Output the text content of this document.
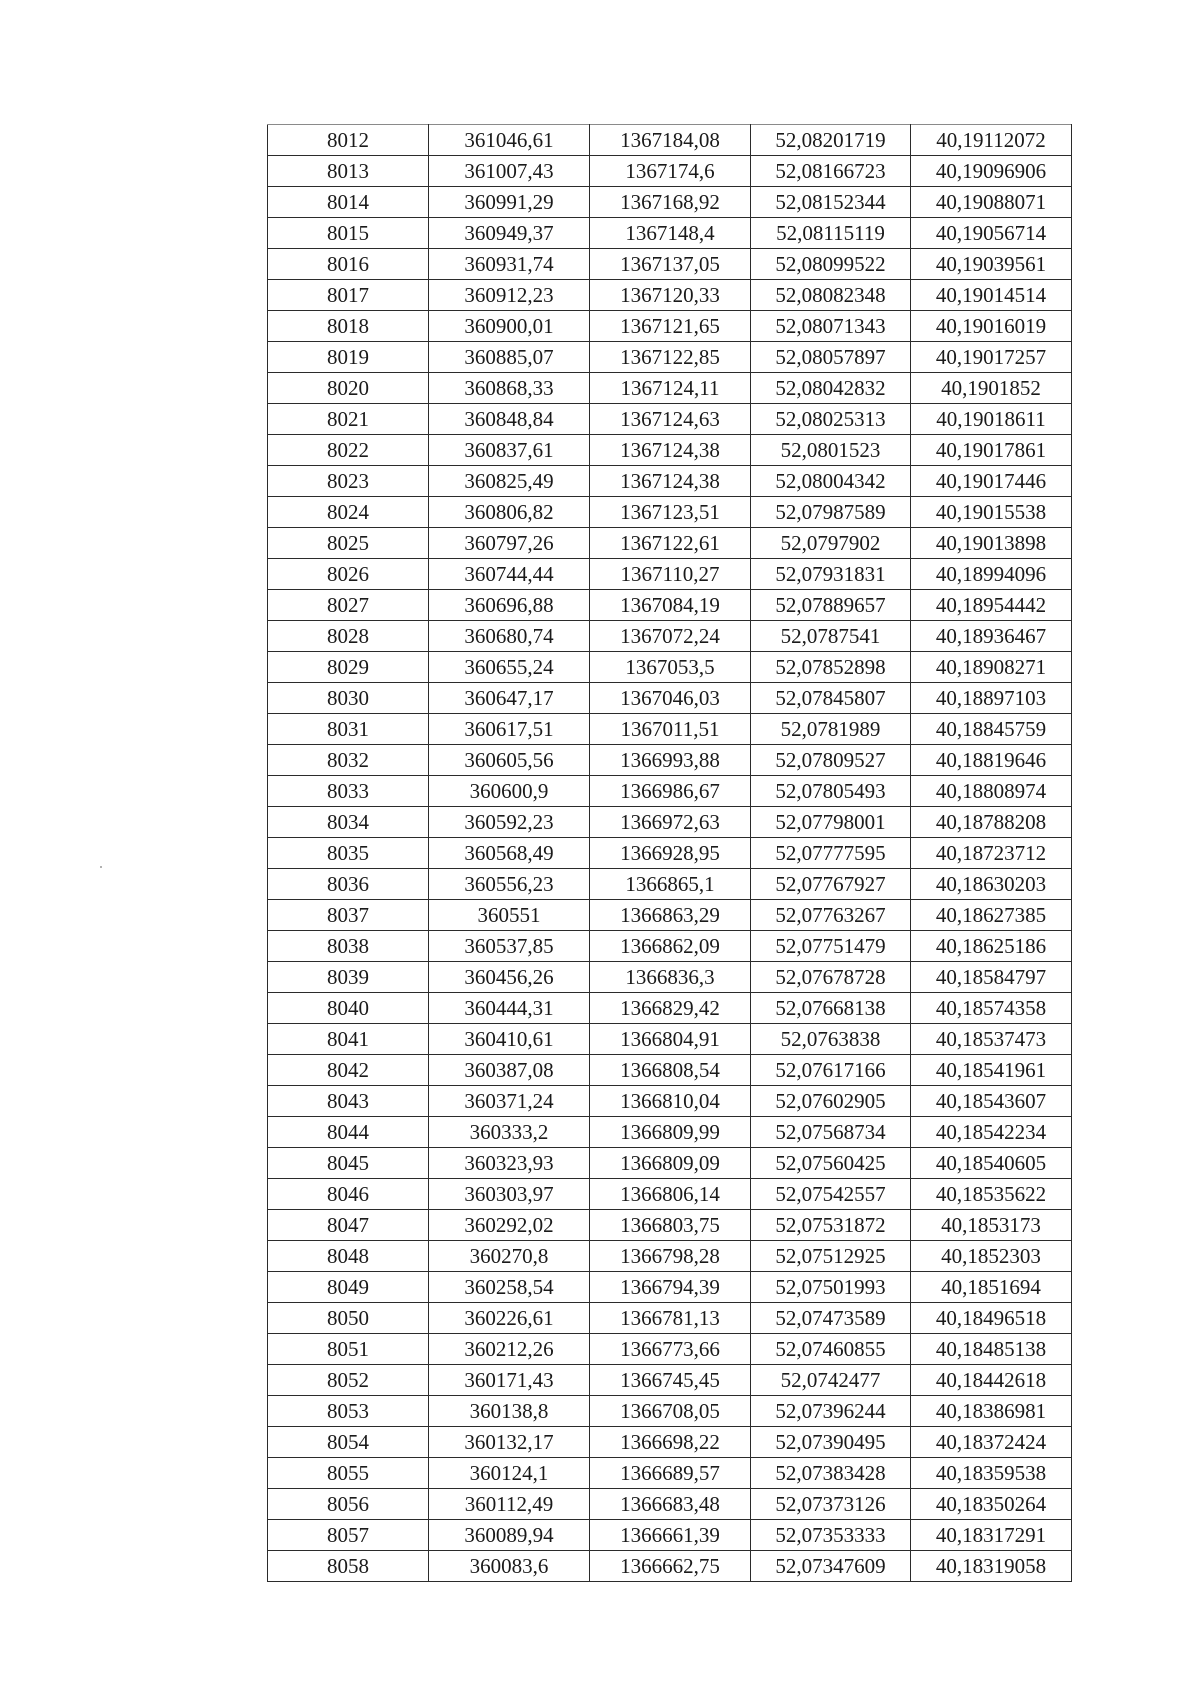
8012	361046,61	1367184,08	52,08201719	40,19112072
8013	361007,43	1367174,6	52,08166723	40,19096906
8014	360991,29	1367168,92	52,08152344	40,19088071
8015	360949,37	1367148,4	52,08115119	40,19056714
8016	360931,74	1367137,05	52,08099522	40,19039561
8017	360912,23	1367120,33	52,08082348	40,19014514
8018	360900,01	1367121,65	52,08071343	40,19016019
8019	360885,07	1367122,85	52,08057897	40,19017257
8020	360868,33	1367124,11	52,08042832	40,1901852
8021	360848,84	1367124,63	52,08025313	40,19018611
8022	360837,61	1367124,38	52,0801523	40,19017861
8023	360825,49	1367124,38	52,08004342	40,19017446
8024	360806,82	1367123,51	52,07987589	40,19015538
8025	360797,26	1367122,61	52,0797902	40,19013898
8026	360744,44	1367110,27	52,07931831	40,18994096
8027	360696,88	1367084,19	52,07889657	40,18954442
8028	360680,74	1367072,24	52,0787541	40,18936467
8029	360655,24	1367053,5	52,07852898	40,18908271
8030	360647,17	1367046,03	52,07845807	40,18897103
8031	360617,51	1367011,51	52,0781989	40,18845759
8032	360605,56	1366993,88	52,07809527	40,18819646
8033	360600,9	1366986,67	52,07805493	40,18808974
8034	360592,23	1366972,63	52,07798001	40,18788208
8035	360568,49	1366928,95	52,07777595	40,18723712
8036	360556,23	1366865,1	52,07767927	40,18630203
8037	360551	1366863,29	52,07763267	40,18627385
8038	360537,85	1366862,09	52,07751479	40,18625186
8039	360456,26	1366836,3	52,07678728	40,18584797
8040	360444,31	1366829,42	52,07668138	40,18574358
8041	360410,61	1366804,91	52,0763838	40,18537473
8042	360387,08	1366808,54	52,07617166	40,18541961
8043	360371,24	1366810,04	52,07602905	40,18543607
8044	360333,2	1366809,99	52,07568734	40,18542234
8045	360323,93	1366809,09	52,07560425	40,18540605
8046	360303,97	1366806,14	52,07542557	40,18535622
8047	360292,02	1366803,75	52,07531872	40,1853173
8048	360270,8	1366798,28	52,07512925	40,1852303
8049	360258,54	1366794,39	52,07501993	40,1851694
8050	360226,61	1366781,13	52,07473589	40,18496518
8051	360212,26	1366773,66	52,07460855	40,18485138
8052	360171,43	1366745,45	52,0742477	40,18442618
8053	360138,8	1366708,05	52,07396244	40,18386981
8054	360132,17	1366698,22	52,07390495	40,18372424
8055	360124,1	1366689,57	52,07383428	40,18359538
8056	360112,49	1366683,48	52,07373126	40,18350264
8057	360089,94	1366661,39	52,07353333	40,18317291
8058	360083,6	1366662,75	52,07347609	40,18319058
